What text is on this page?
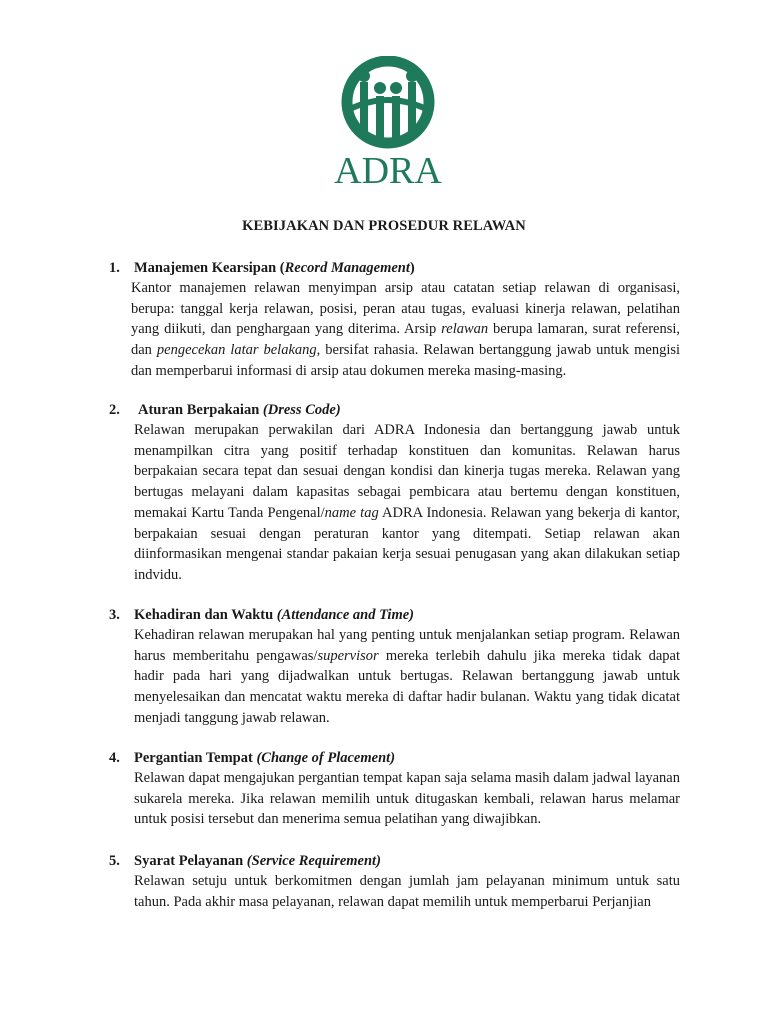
ADRA
KEBIJAKAN DAN PROSEDUR RELAWAN
1. Manajemen Kearsipan (Record Management)

Kantor manajemen relawan menyimpan arsip atau catatan setiap relawan di organisasi, berupa: tanggal kerja relawan, posisi, peran atau tugas, evaluasi kinerja relawan, pelatihan yang diikuti, dan penghargaan yang diterima. Arsip relawan berupa lamaran, surat referensi, dan pengecekan latar belakang, bersifat rahasia. Relawan bertanggung jawab untuk mengisi dan memperbarui informasi di arsip atau dokumen mereka masing-masing.

2. Aturan Berpakaian (Dress Code)

Relawan merupakan perwakilan dari ADRA Indonesia dan bertanggung jawab untuk menampilkan citra yang positif terhadap konstituen dan komunitas. Relawan harus berpakaian secara tepat dan sesuai dengan kondisi dan kinerja tugas mereka. Relawan yang bertugas melayani dalam kapasitas sebagai pembicara atau bertemu dengan konstituen, memakai Kartu Tanda Pengenal/name tag ADRA Indonesia. Relawan yang bekerja di kantor, berpakaian sesuai dengan peraturan kantor yang ditempati. Setiap relawan akan diinformasikan mengenai standar pakaian kerja sesuai penugasan yang akan dilakukan setiap indvidu.

3. Kehadiran dan Waktu (Attendance and Time)

Kehadiran relawan merupakan hal yang penting untuk menjalankan setiap program. Relawan harus memberitahu pengawas/supervisor mereka terlebih dahulu jika mereka tidak dapat hadir pada hari yang dijadwalkan untuk bertugas. Relawan bertanggung jawab untuk menyelesaikan dan mencatat waktu mereka di daftar hadir bulanan. Waktu yang tidak dicatat menjadi tanggung jawab relawan.

4. Pergantian Tempat (Change of Placement)

Relawan dapat mengajukan pergantian tempat kapan saja selama masih dalam jadwal layanan sukarela mereka. Jika relawan memilih untuk ditugaskan kembali, relawan harus melamar untuk posisi tersebut dan menerima semua pelatihan yang diwajibkan.

5. Syarat Pelayanan (Service Requirement)

Relawan setuju untuk berkomitmen dengan jumlah jam pelayanan minimum untuk satu tahun. Pada akhir masa pelayanan, relawan dapat memilih untuk memperbarui Perjanjian
